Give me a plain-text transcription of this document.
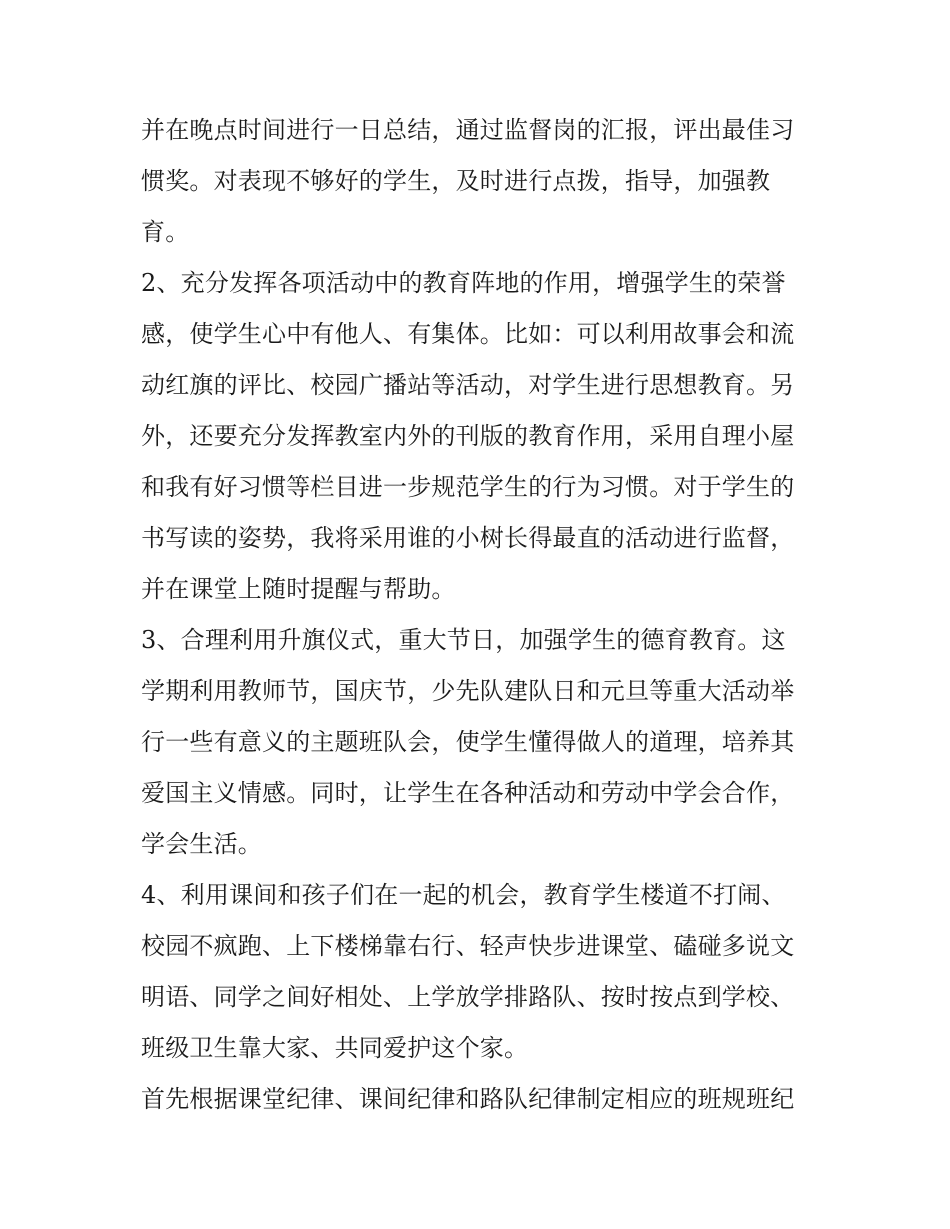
并在晚点时间进行一日总结，通过监督岗的汇报，评出最佳习
惯奖。对表现不够好的学生，及时进行点拨，指导，加强教
育。
2、充分发挥各项活动中的教育阵地的作用，增强学生的荣誉
感，使学生心中有他人、有集体。比如：可以利用故事会和流
动红旗的评比、校园广播站等活动，对学生进行思想教育。另
外，还要充分发挥教室内外的刊版的教育作用，采用自理小屋
和我有好习惯等栏目进一步规范学生的行为习惯。对于学生的
书写读的姿势，我将采用谁的小树长得最直的活动进行监督，
并在课堂上随时提醒与帮助。
3、合理利用升旗仪式，重大节日，加强学生的德育教育。这
学期利用教师节，国庆节，少先队建队日和元旦等重大活动举
行一些有意义的主题班队会，使学生懂得做人的道理，培养其
爱国主义情感。同时，让学生在各种活动和劳动中学会合作，
学会生活。
4、利用课间和孩子们在一起的机会，教育学生楼道不打闹、
校园不疯跑、上下楼梯靠右行、轻声快步进课堂、磕碰多说文
明语、同学之间好相处、上学放学排路队、按时按点到学校、
班级卫生靠大家、共同爱护这个家。
首先根据课堂纪律、课间纪律和路队纪律制定相应的班规班纪
